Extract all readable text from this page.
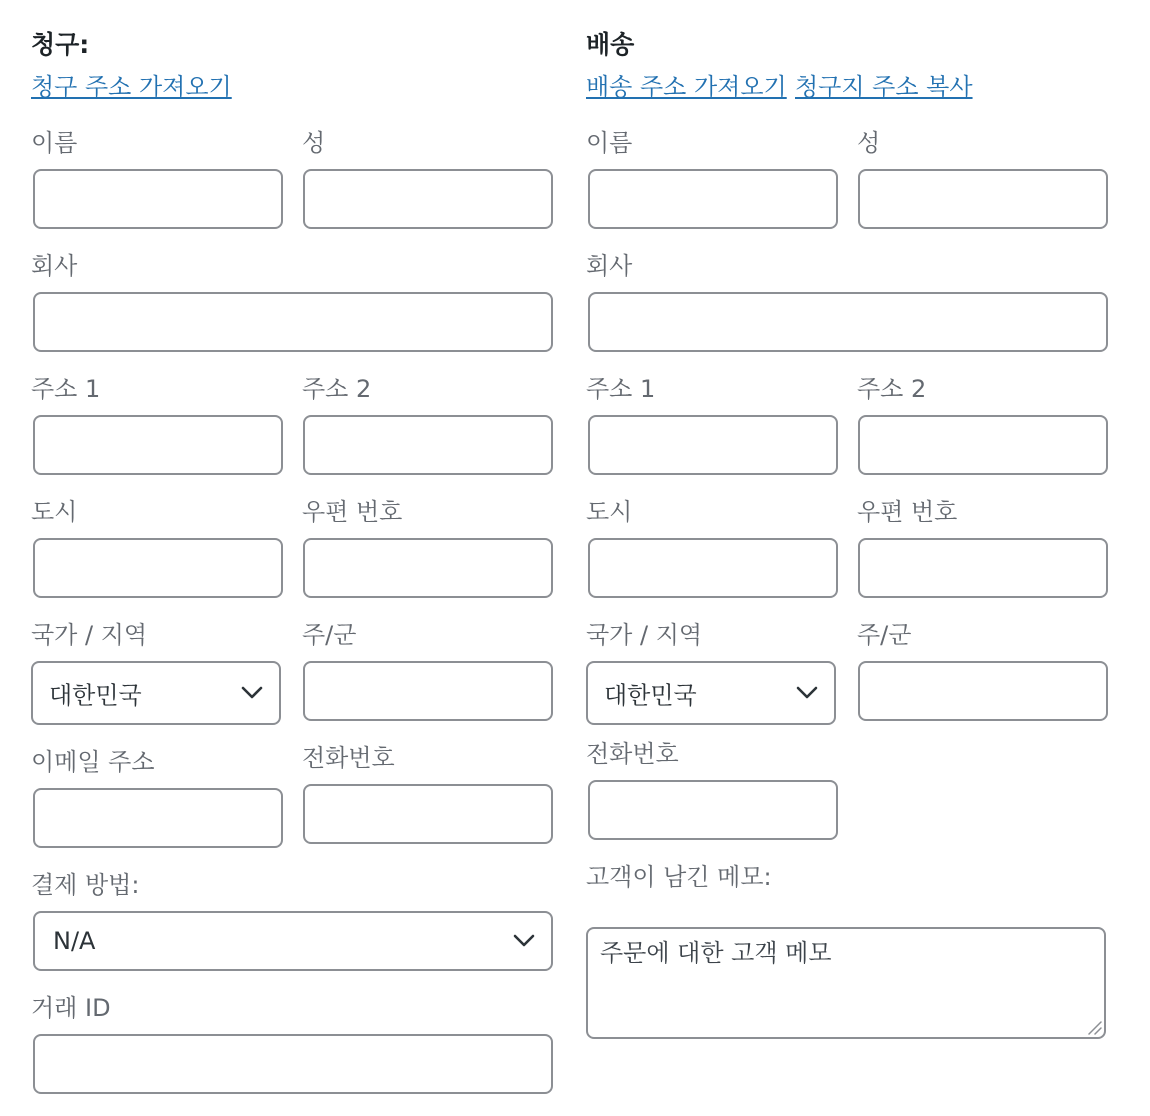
청구:
청구 주소 가져오기
이름	성
회사
주소 1	주소 2
도시	우편 번호
국가 / 지역	주/군
대한민국
이메일 주소	전화번호
결제 방법:
N/A
거래 ID
배송
배송 주소 가져오기 청구지 주소 복사
이름	성
회사
주소 1	주소 2
도시	우편 번호
국가 / 지역	주/군
대한민국
전화번호
고객이 남긴 메모:
주문에 대한 고객 메모
